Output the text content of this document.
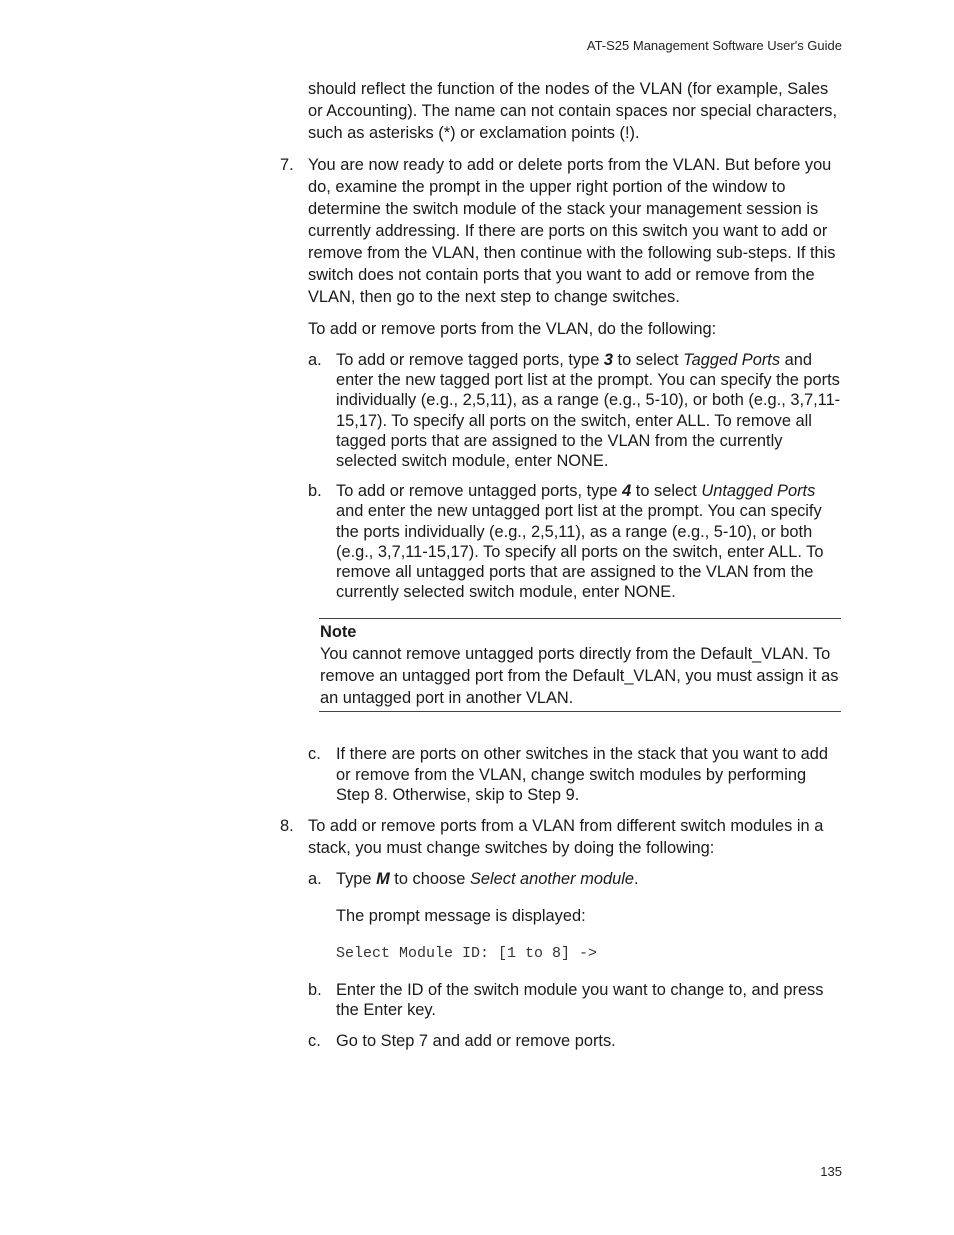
AT-S25 Management Software User's Guide

should reflect the function of the nodes of the VLAN (for example, Sales or Accounting). The name can not contain spaces nor special characters, such as asterisks (*) or exclamation points (!).

7. You are now ready to add or delete ports from the VLAN. But before you do, examine the prompt in the upper right portion of the window to determine the switch module of the stack your management session is currently addressing. If there are ports on this switch you want to add or remove from the VLAN, then continue with the following sub-steps. If this switch does not contain ports that you want to add or remove from the VLAN, then go to the next step to change switches.

To add or remove ports from the VLAN, do the following:

a. To add or remove tagged ports, type 3 to select Tagged Ports and enter the new tagged port list at the prompt. You can specify the ports individually (e.g., 2,5,11), as a range (e.g., 5-10), or both (e.g., 3,7,11-15,17). To specify all ports on the switch, enter ALL. To remove all tagged ports that are assigned to the VLAN from the currently selected switch module, enter NONE.
b. To add or remove untagged ports, type 4 to select Untagged Ports and enter the new untagged port list at the prompt. You can specify the ports individually (e.g., 2,5,11), as a range (e.g., 5-10), or both (e.g., 3,7,11-15,17). To specify all ports on the switch, enter ALL. To remove all untagged ports that are assigned to the VLAN from the currently selected switch module, enter NONE.
Note
You cannot remove untagged ports directly from the Default_VLAN. To remove an untagged port from the Default_VLAN, you must assign it as an untagged port in another VLAN.
c. If there are ports on other switches in the stack that you want to add or remove from the VLAN, change switch modules by performing Step 8. Otherwise, skip to Step 9.
8. To add or remove ports from a VLAN from different switch modules in a stack, you must change switches by doing the following:

a. Type M to choose Select another module.

The prompt message is displayed:

Select Module ID: [1 to 8] ->
b. Enter the ID of the switch module you want to change to, and press the Enter key.
c. Go to Step 7 and add or remove ports.
135
